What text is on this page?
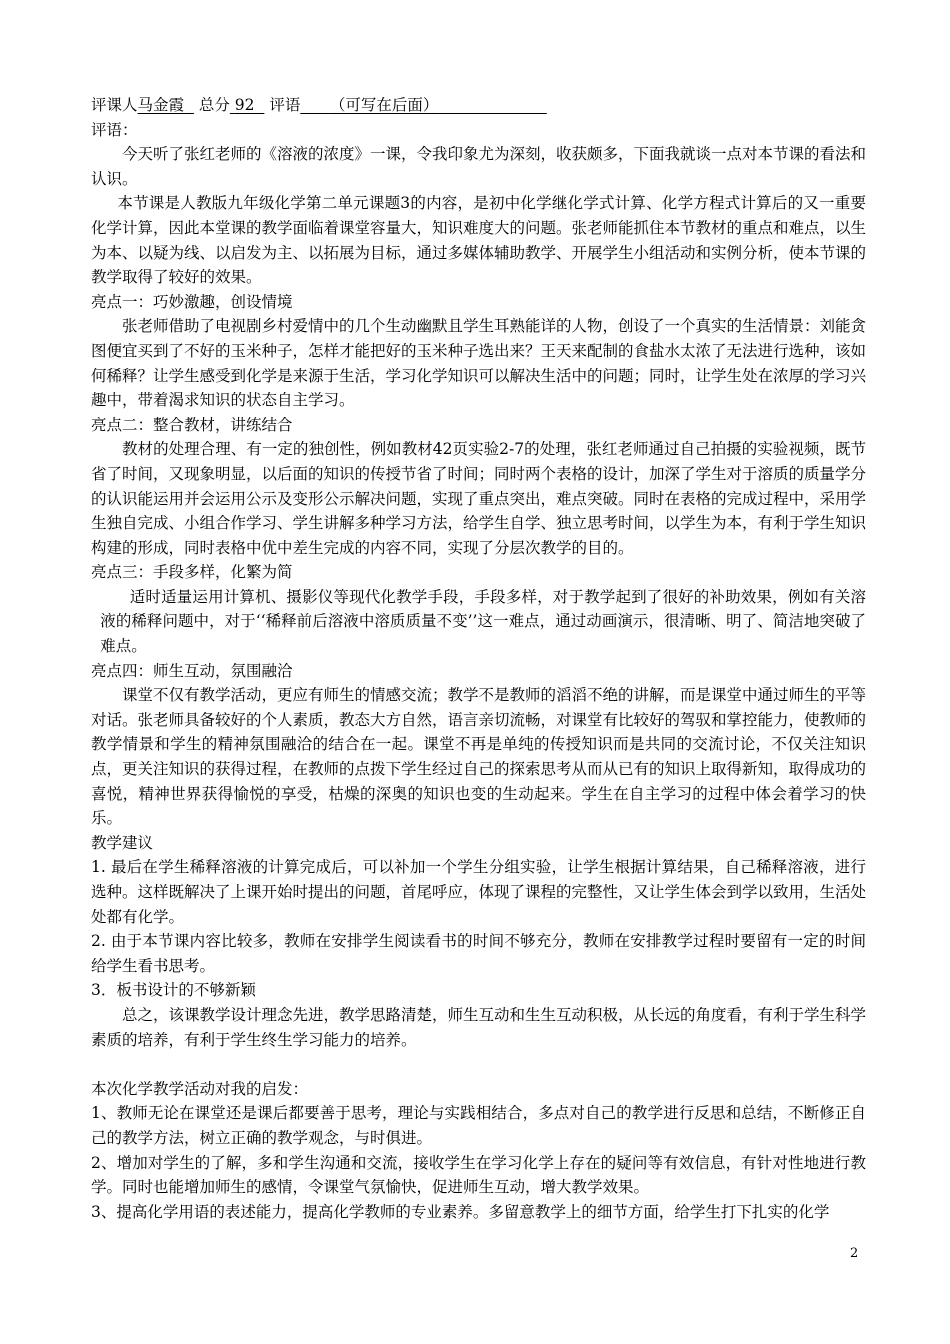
评课人马金霞 总分 92 评语 （可写在后面）

评语：

今天听了张红老师的《溶液的浓度》一课，令我印象尤为深刻，收获颇多，下面我就谈一点对本节课的看法和认识。

本节课是人教版九年级化学第二单元课题3的内容，是初中化学继化学式计算、化学方程式计算后的又一重要化学计算，因此本堂课的教学面临着课堂容量大，知识难度大的问题。张老师能抓住本节教材的重点和难点，以生为本、以疑为线、以启发为主、以拓展为目标，通过多媒体辅助教学、开展学生小组活动和实例分析，使本节课的教学取得了较好的效果。

亮点一：巧妙激趣，创设情境

张老师借助了电视剧乡村爱情中的几个生动幽默且学生耳熟能详的人物，创设了一个真实的生活情景：刘能贪图便宜买到了不好的玉米种子，怎样才能把好的玉米种子选出来？王天来配制的食盐水太浓了无法进行选种，该如何稀释？让学生感受到化学是来源于生活，学习化学知识可以解决生活中的问题；同时，让学生处在浓厚的学习兴趣中，带着渴求知识的状态自主学习。

亮点二：整合教材，讲练结合

教材的处理合理、有一定的独创性，例如教材42页实验2-7的处理，张红老师通过自己拍摄的实验视频，既节省了时间，又现象明显，以后面的知识的传授节省了时间；同时两个表格的设计，加深了学生对于溶质的质量学分的认识能运用并会运用公示及变形公示解决问题，实现了重点突出，难点突破。同时在表格的完成过程中，采用学生独自完成、小组合作学习、学生讲解多种学习方法，给学生自学、独立思考时间，以学生为本，有利于学生知识构建的形成，同时表格中优中差生完成的内容不同，实现了分层次教学的目的。

亮点三：手段多样，化繁为简

适时适量运用计算机、摄影仪等现代化教学手段，手段多样，对于教学起到了很好的补助效果，例如有关溶液的稀释问题中，对于‘‘稀释前后溶液中溶质质量不变’’这一难点，通过动画演示，很清晰、明了、简洁地突破了难点。

亮点四：师生互动，氛围融洽

课堂不仅有教学活动，更应有师生的情感交流；教学不是教师的滔滔不绝的讲解，而是课堂中通过师生的平等对话。张老师具备较好的个人素质，教态大方自然，语言亲切流畅，对课堂有比较好的驾驭和掌控能力，使教师的教学情景和学生的精神氛围融洽的结合在一起。课堂不再是单纯的传授知识而是共同的交流讨论，不仅关注知识点，更关注知识的获得过程，在教师的点拨下学生经过自己的探索思考从而从已有的知识上取得新知，取得成功的喜悦，精神世界获得愉悦的享受，枯燥的深奥的知识也变的生动起来。学生在自主学习的过程中体会着学习的快乐。

教学建议

1. 最后在学生稀释溶液的计算完成后，可以补加一个学生分组实验，让学生根据计算结果，自己稀释溶液，进行选种。这样既解决了上课开始时提出的问题，首尾呼应，体现了课程的完整性，又让学生体会到学以致用，生活处处都有化学。

2. 由于本节课内容比较多，教师在安排学生阅读看书的时间不够充分，教师在安排教学过程时要留有一定的时间给学生看书思考。

3．板书设计的不够新颖

总之，该课教学设计理念先进，教学思路清楚，师生互动和生生互动积极，从长远的角度看，有利于学生科学素质的培养，有利于学生终生学习能力的培养。

本次化学教学活动对我的启发：

1、教师无论在课堂还是课后都要善于思考，理论与实践相结合，多点对自己的教学进行反思和总结，不断修正自己的教学方法，树立正确的教学观念，与时俱进。

2、增加对学生的了解，多和学生沟通和交流，接收学生在学习化学上存在的疑问等有效信息，有针对性地进行教学。同时也能增加师生的感情，令课堂气氛愉快，促进师生互动，增大教学效果。

3、提高化学用语的表述能力，提高化学教师的专业素养。多留意教学上的细节方面，给学生打下扎实的化学

2
